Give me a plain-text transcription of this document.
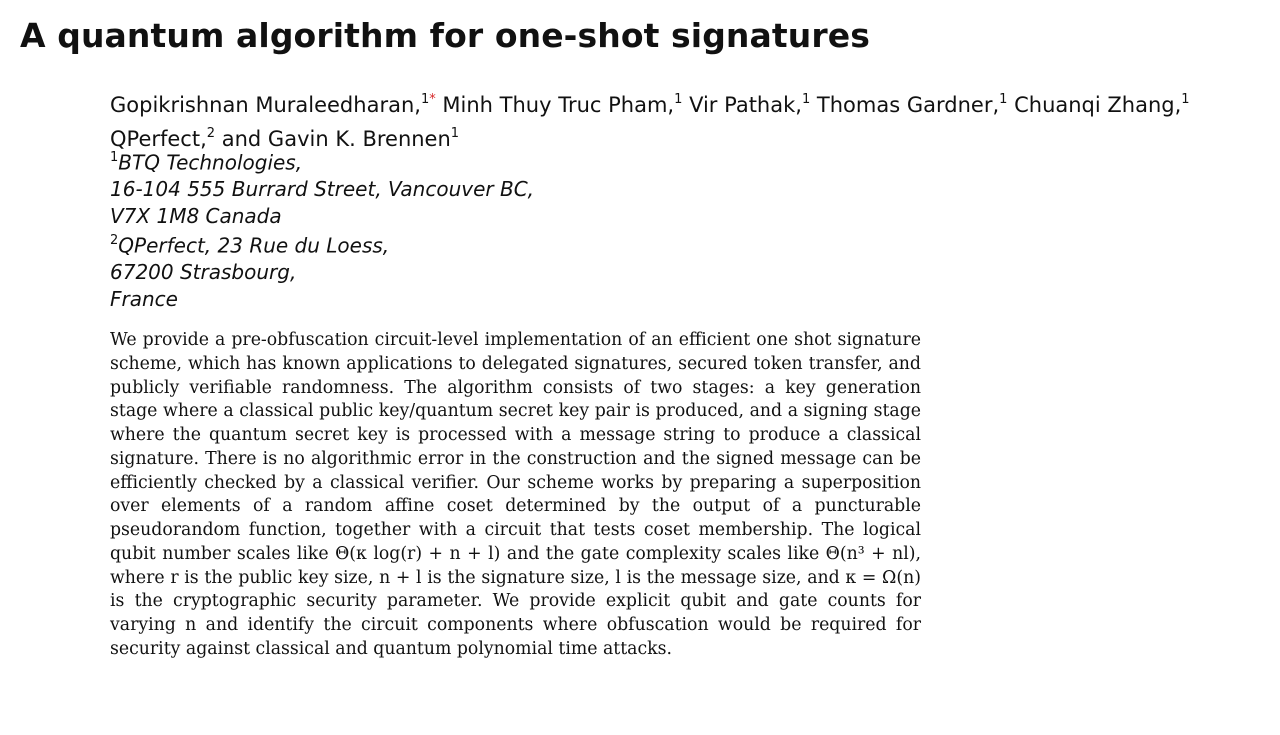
A quantum algorithm for one-shot signatures
Gopikrishnan Muraleedharan,$^{1*}$ Minh Thuy Truc Pham,$^1$ Vir Pathak,$^1$ Thomas Gardner,$^1$ Chuanqi Zhang,$^1$ QPerfect,$^2$ and Gavin K. Brennen$^1$
$^1$BTQ Technologies,
16-104 555 Burrard Street, Vancouver BC,
V7X 1M8 Canada
$^2$QPerfect, 23 Rue du Loess,
67200 Strasbourg,
France

We provide a pre-obfuscation circuit-level implementation of an efficient one shot signature scheme, which has known applications to delegated signatures, secured token transfer, and publicly verifiable randomness. The algorithm consists of two stages: a key generation stage where a classical public key/quantum secret key pair is produced, and a signing stage where the quantum secret key is processed with a message string to produce a classical signature. There is no algorithmic error in the construction and the signed message can be efficiently checked by a classical verifier. Our scheme works by preparing a superposition over elements of a random affine coset determined by the output of a puncturable pseudorandom function, together with a circuit that tests coset membership. The logical qubit number scales like Θ(κ log(r) + n + l) and the gate complexity scales like Θ(n³ + nl), where r is the public key size, n + l is the signature size, l is the message size, and κ = Ω(n) is the cryptographic security parameter. We provide explicit qubit and gate counts for varying n and identify the circuit components where obfuscation would be required for security against classical and quantum polynomial time attacks.
